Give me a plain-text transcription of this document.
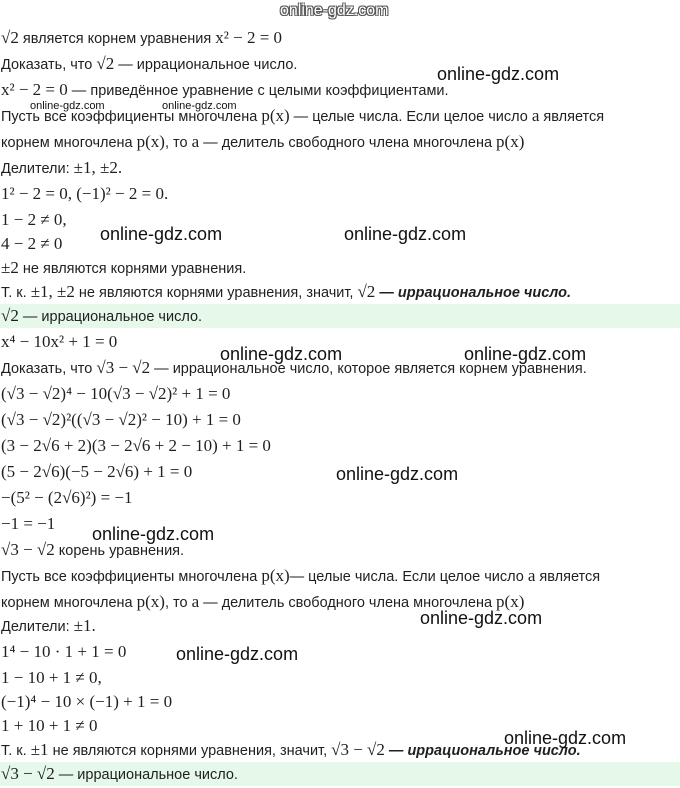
√2 является корнем уравнения x² − 2 = 0
Доказать, что √2 — иррациональное число.
x² − 2 = 0 — приведённое уравнение с целыми коэффициентами.
Пусть все коэффициенты многочлена p(x) — целые числа. Если целое число a является
корнем многочлена p(x), то a — делитель свободного члена многочлена p(x)
Делители: ±1, ±2.
1² − 2 = 0, (−1)² − 2 = 0.
1 − 2 ≠ 0,
4 − 2 ≠ 0
±2 не являются корнями уравнения.
Т. к. ±1, ±2 не являются корнями уравнения, значит, √2 — иррациональное число.
√2 — иррациональное число.
x⁴ − 10x² + 1 = 0
Доказать, что √3 − √2 — иррациональное число, которое является корнем уравнения.
(√3 − √2)⁴ − 10(√3 − √2)² + 1 = 0
(√3 − √2)²((√3 − √2)² − 10) + 1 = 0
(3 − 2√6 + 2)(3 − 2√6 + 2 − 10) + 1 = 0
(5 − 2√6)(−5 − 2√6) + 1 = 0
−(5² − (2√6)²) = −1
−1 = −1
√3 − √2 корень уравнения.
Пусть все коэффициенты многочлена p(x)— целые числа. Если целое число a является
корнем многочлена p(x), то a — делитель свободного члена многочлена p(x)
Делители: ±1.
1⁴ − 10 · 1 + 1 = 0
1 − 10 + 1 ≠ 0,
(−1)⁴ − 10 × (−1) + 1 = 0
1 + 10 + 1 ≠ 0
Т. к. ±1 не являются корнями уравнения, значит, √3 − √2 — иррациональное число.
√3 − √2 — иррациональное число.
online-gdz.com
online-gdz.com
online-gdz.com	online-gdz.com
online-gdz.com	online-gdz.com
online-gdz.com
online-gdz.com
online-gdz.com
online-gdz.com
online-gdz.com
online-gdz.com	online-gdz.com
